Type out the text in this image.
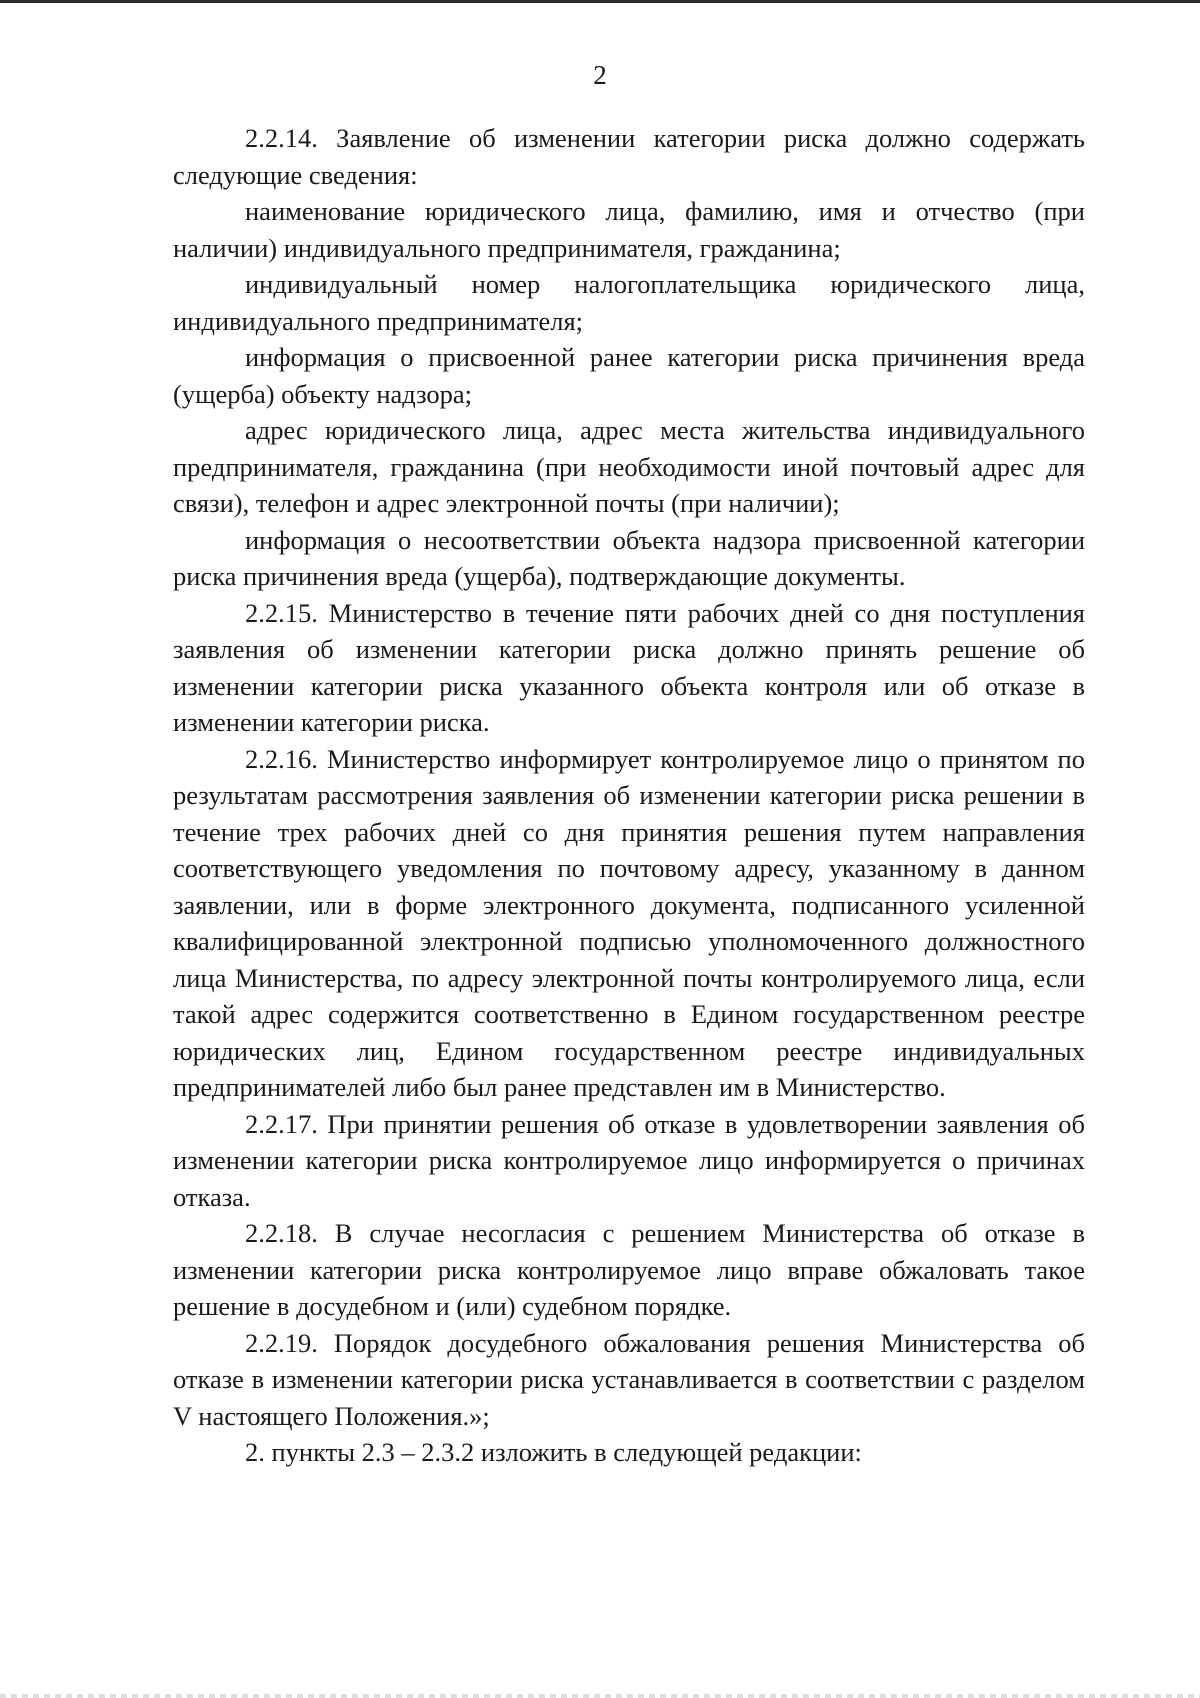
2

2.2.14. Заявление об изменении категории риска должно содержать следующие сведения:

наименование юридического лица, фамилию, имя и отчество (при наличии) индивидуального предпринимателя, гражданина;

индивидуальный номер налогоплательщика юридического лица, индивидуального предпринимателя;

информация о присвоенной ранее категории риска причинения вреда (ущерба) объекту надзора;

адрес юридического лица, адрес места жительства индивидуального предпринимателя, гражданина (при необходимости иной почтовый адрес для связи), телефон и адрес электронной почты (при наличии);

информация о несоответствии объекта надзора присвоенной категории риска причинения вреда (ущерба), подтверждающие документы.

2.2.15. Министерство в течение пяти рабочих дней со дня поступления заявления об изменении категории риска должно принять решение об изменении категории риска указанного объекта контроля или об отказе в изменении категории риска.

2.2.16. Министерство информирует контролируемое лицо о принятом по результатам рассмотрения заявления об изменении категории риска решении в течение трех рабочих дней со дня принятия решения путем направления соответствующего уведомления по почтовому адресу, указанному в данном заявлении, или в форме электронного документа, подписанного усиленной квалифицированной электронной подписью уполномоченного должностного лица Министерства, по адресу электронной почты контролируемого лица, если такой адрес содержится соответственно в Едином государственном реестре юридических лиц, Едином государственном реестре индивидуальных предпринимателей либо был ранее представлен им в Министерство.

2.2.17. При принятии решения об отказе в удовлетворении заявления об изменении категории риска контролируемое лицо информируется о причинах отказа.

2.2.18. В случае несогласия с решением Министерства об отказе в изменении категории риска контролируемое лицо вправе обжаловать такое решение в досудебном и (или) судебном порядке.

2.2.19. Порядок досудебного обжалования решения Министерства об отказе в изменении категории риска устанавливается в соответствии с разделом V настоящего Положения.»;

2. пункты 2.3 – 2.3.2 изложить в следующей редакции:
